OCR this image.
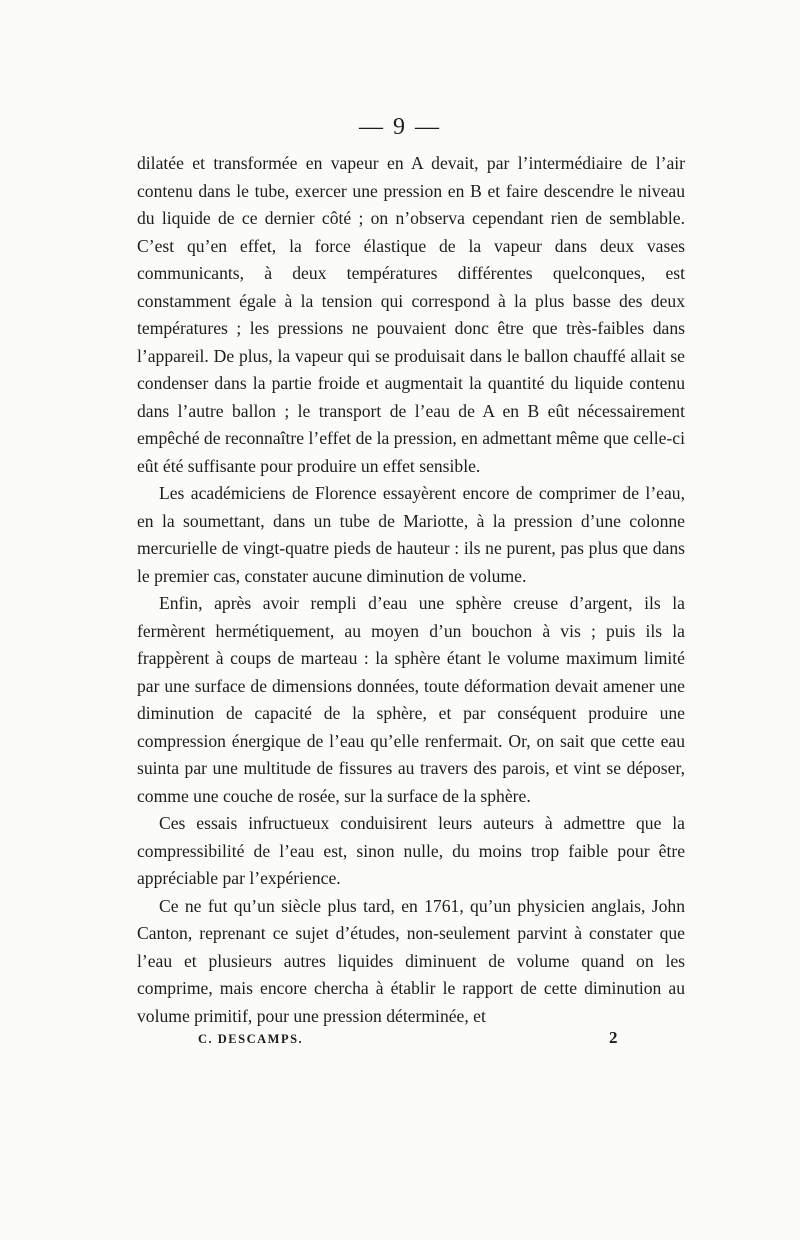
— 9 —

dilatée et transformée en vapeur en A devait, par l’intermédiaire de l’air contenu dans le tube, exercer une pression en B et faire descendre le niveau du liquide de ce dernier côté ; on n’observa cependant rien de semblable. C’est qu’en effet, la force élastique de la vapeur dans deux vases communicants, à deux températures différentes quelconques, est constamment égale à la tension qui correspond à la plus basse des deux températures ; les pressions ne pouvaient donc être que très-faibles dans l’appareil. De plus, la vapeur qui se produisait dans le ballon chauffé allait se condenser dans la partie froide et augmentait la quantité du liquide contenu dans l’autre ballon ; le transport de l’eau de A en B eût nécessairement empêché de reconnaître l’effet de la pression, en admettant même que celle-ci eût été suffisante pour produire un effet sensible.

Les académiciens de Florence essayèrent encore de comprimer de l’eau, en la soumettant, dans un tube de Mariotte, à la pression d’une colonne mercurielle de vingt-quatre pieds de hauteur : ils ne purent, pas plus que dans le premier cas, constater aucune diminution de volume.

Enfin, après avoir rempli d’eau une sphère creuse d’argent, ils la fermèrent hermétiquement, au moyen d’un bouchon à vis ; puis ils la frappèrent à coups de marteau : la sphère étant le volume maximum limité par une surface de dimensions données, toute déformation devait amener une diminution de capacité de la sphère, et par conséquent produire une compression énergique de l’eau qu’elle renfermait. Or, on sait que cette eau suinta par une multitude de fissures au travers des parois, et vint se déposer, comme une couche de rosée, sur la surface de la sphère.

Ces essais infructueux conduisirent leurs auteurs à admettre que la compressibilité de l’eau est, sinon nulle, du moins trop faible pour être appréciable par l’expérience.

Ce ne fut qu’un siècle plus tard, en 1761, qu’un physicien anglais, John Canton, reprenant ce sujet d’études, non-seulement parvint à constater que l’eau et plusieurs autres liquides diminuent de volume quand on les comprime, mais encore chercha à établir le rapport de cette diminution au volume primitif, pour une pression déterminée, et

C. DESCAMPS.	2
